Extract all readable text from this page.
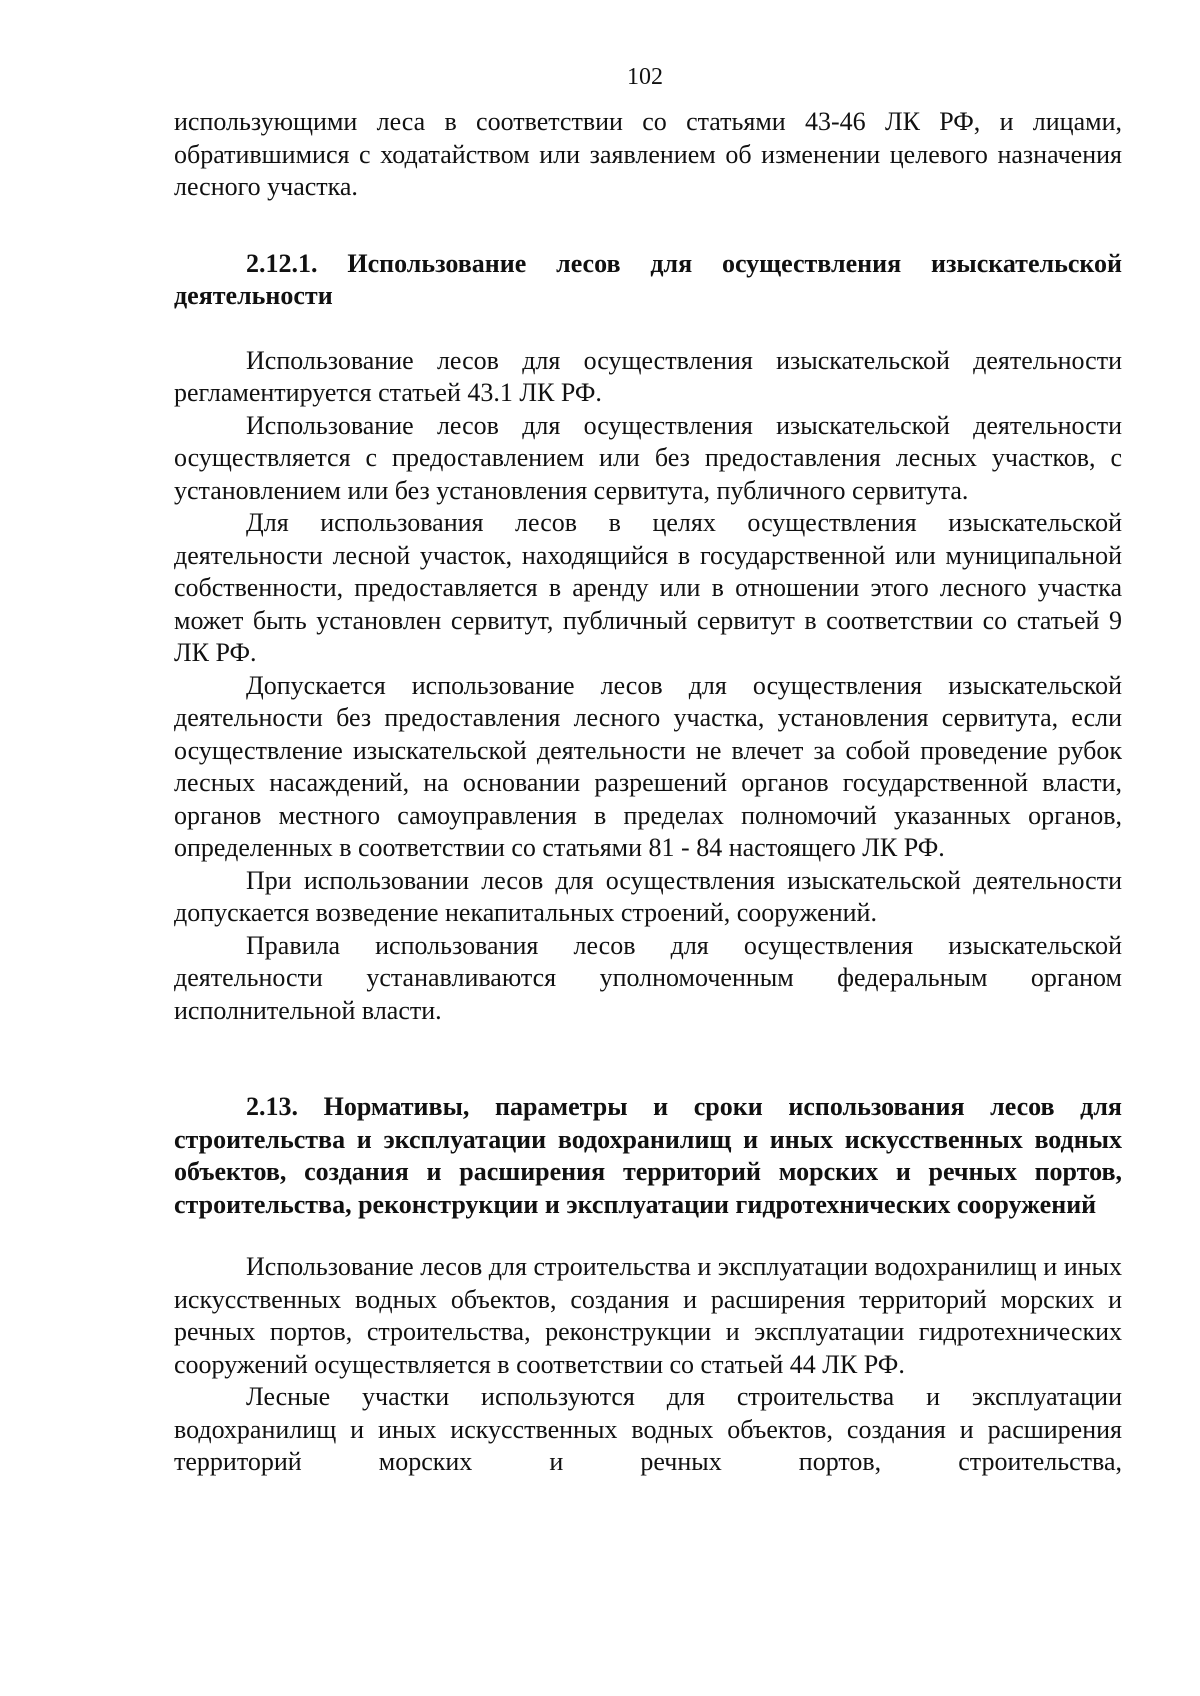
102

использующими леса в соответствии со статьями 43-46 ЛК РФ, и лицами, обратившимися с ходатайством или заявлением об изменении целевого назначения лесного участка.

2.12.1. Использование лесов для осуществления изыскательской деятельности

Использование лесов для осуществления изыскательской деятельности регламентируется статьей 43.1 ЛК РФ.

Использование лесов для осуществления изыскательской деятельности осуществляется с предоставлением или без предоставления лесных участков, с установлением или без установления сервитута, публичного сервитута.

Для использования лесов в целях осуществления изыскательской деятельности лесной участок, находящийся в государственной или муниципальной собственности, предоставляется в аренду или в отношении этого лесного участка может быть установлен сервитут, публичный сервитут в соответствии со статьей 9 ЛК РФ.

Допускается использование лесов для осуществления изыскательской деятельности без предоставления лесного участка, установления сервитута, если осуществление изыскательской деятельности не влечет за собой проведение рубок лесных насаждений, на основании разрешений органов государственной власти, органов местного самоуправления в пределах полномочий указанных органов, определенных в соответствии со статьями 81 - 84 настоящего ЛК РФ.

При использовании лесов для осуществления изыскательской деятельности допускается возведение некапитальных строений, сооружений.

Правила использования лесов для осуществления изыскательской деятельности устанавливаются уполномоченным федеральным органом исполнительной власти.

2.13. Нормативы, параметры и сроки использования лесов для строительства и эксплуатации водохранилищ и иных искусственных водных объектов, создания и расширения территорий морских и речных портов, строительства, реконструкции и эксплуатации гидротехнических сооружений

Использование лесов для строительства и эксплуатации водохранилищ и иных искусственных водных объектов, создания и расширения территорий морских и речных портов, строительства, реконструкции и эксплуатации гидротехнических сооружений осуществляется в соответствии со статьей 44 ЛК РФ.

Лесные участки используются для строительства и эксплуатации водохранилищ и иных искусственных водных объектов, создания и расширения территорий морских и речных портов, строительства,
